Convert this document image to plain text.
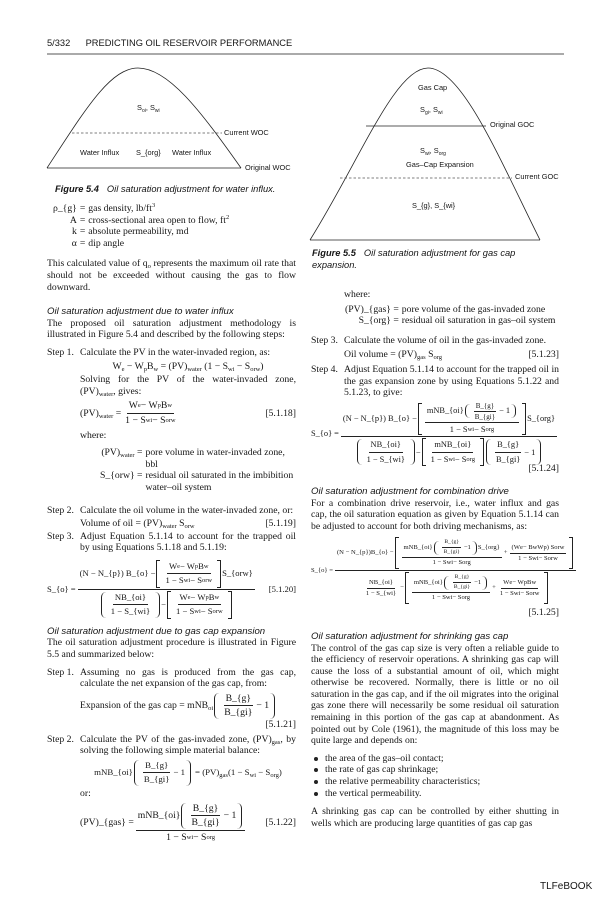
5/332 PREDICTING OIL RESERVOIR PERFORMANCE
$S_{oi}$, $S_{wi}$
Current WOC
Water Influx S_{org} Water Influx
Original WOC
Figure 5.4 Oil saturation adjustment for water influx.
Gas Cap
$S_{gi}$, $S_{wi}$
Original GOC
$S_{wi}$, $S_{org}$
Gas–Cap Expansion
Current GOC
S_{g}, S_{wi}
Figure 5.5 Oil saturation adjustment for gas cap expansion.
ρ_{g} = gas density, $lb/ft^3$
A = cross-sectional area open to flow, $ft^2$
k = absolute permeability, md
α = dip angle

This calculated value of $q_o$ represents the maximum oil rate that should not be exceeded without causing the gas to flow downward.

Oil saturation adjustment due to water influx

The proposed oil saturation adjustment methodology is illustrated in Figure 5.4 and described by the following steps:

Step 1. Calculate the PV in the water-invaded region, as:
$W_e - W_pB_w = (PV)_{water}$ $(1 - S_{wi} - S_{orw})$

Solving for the PV of the water-invaded zone, $(PV)_{water}$, gives:

$(PV)_{water} = \frac{\text{W e − W p B w}}{\text{1 − S wi − S orw}}$	[5.1.18]
where:
$(PV)_{water}$ = pore volume in water-invaded zone, bbl
S_{orw} = residual oil saturated in the imbibition water–oil system
Step 2. Calculate the oil volume in the water-invaded zone, or:

Volume of oil = $(PV)_{water}$ $S_{orw}$	[5.1.19]
Step 3. Adjust Equation 5.1.14 to account for the trapped oil by using Equations 5.1.18 and 5.1.19:

S_{o} =
(N − N_{p}) B_{o} − $\frac{\text{W e − W p B w}}{\text{1 − S wi − S orw}}$ S_{orw}
$\frac{NB\_\{oi\}}{1 - S\_\{wi\}} - \frac{\text{W e − W p B w}}{\text{1 − S wi − S orw}}$
[5.1.20]
Oil saturation adjustment due to gas cap expansion

The oil saturation adjustment procedure is illustrated in Figure 5.5 and summarized below:

Step 1. Assuming no gas is produced from the gas cap, calculate the net expansion of the gas cap, from:

Expansion of the gas cap = $mNB_{oi} \frac{B\_\{g\}}{B\_\{gi\}} - 1$
[5.1.21]
Step 2. Calculate the PV of the gas-invaded zone, $(PV)_{gas}$, by solving the following simple material balance:

mNB_{oi} $\frac{B\_\{g\}}{B\_\{gi\}} - 1 = (PV)_{gas}(1 - S_{wi} - S_{org})$
or:
(PV)_{gas} =
mNB_{oi} $\frac{B\_\{g\}}{B\_\{gi\}} - 1$
1 − S wi − S org
[5.1.22]
where:
(PV)_{gas} = pore volume of the gas-invaded zone
S_{org} = residual oil saturation in gas–oil system
Step 3. Calculate the volume of oil in the gas-invaded zone.

Oil volume = $(PV)_{gas}$ $S_{org}$	[5.1.23]
Step 4. Adjust Equation 5.1.14 to account for the trapped oil in the gas expansion zone by using Equations 5.1.22 and 5.1.23, to give:

S_{o} =
(N − N_{p}) B_{o} − $\frac{mNB\_\{oi\} \frac{B\_\{g\}}{B\_\{gi\}} - 1}{\text{1 − S wi − S org}}$ S_{org}
$\frac{NB\_\{oi\}}{1 - S\_\{wi\}} - \frac{\text{mNB\_\{oi\}}}{\text{1 − S wi − S org}} \frac{B\_\{g\}}{B\_\{gi\}} - 1$
[5.1.24]
Oil saturation adjustment for combination drive

For a combination drive reservoir, i.e., water influx and gas cap, the oil saturation equation as given by Equation 5.1.14 can be adjusted to account for both driving mechanisms, as:

S_{o} =
(N − N_{p})B_{o} − $\frac{mNB\_\{oi\} \frac{B\_\{g\}}{B\_\{gi\}} -1 S\_\{org\}}{\text{1 − S wi − S org}} + \frac{\text{(W e − B w W p ) S orw}}{\text{1 − S wi − S orw}}$
$\frac{NB\_\{oi\}}{1 - S\_\{wi\}} - \frac{mNB\_\{oi\} \frac{B\_\{g\}}{B\_\{gi\}} -1}{\text{1 − S wi − S org}} + \frac{\text{W e − W p B w}}{\text{1 − S wi − S orw}}$
[5.1.25]
Oil saturation adjustment for shrinking gas cap

The control of the gas cap size is very often a reliable guide to the efficiency of reservoir operations. A shrinking gas cap will cause the loss of a substantial amount of oil, which might otherwise be recovered. Normally, there is little or no oil saturation in the gas cap, and if the oil migrates into the original gas zone there will necessarily be some residual oil saturation remaining in this portion of the gas cap at abandonment. As pointed out by Cole (1961), the magnitude of this loss may be quite large and depends on:

the area of the gas–oil contact;
the rate of gas cap shrinkage;
the relative permeability characteristics;
the vertical permeability.

A shrinking gas cap can be controlled by either shutting in wells which are producing large quantities of gas cap gas

TLFeBOOK
